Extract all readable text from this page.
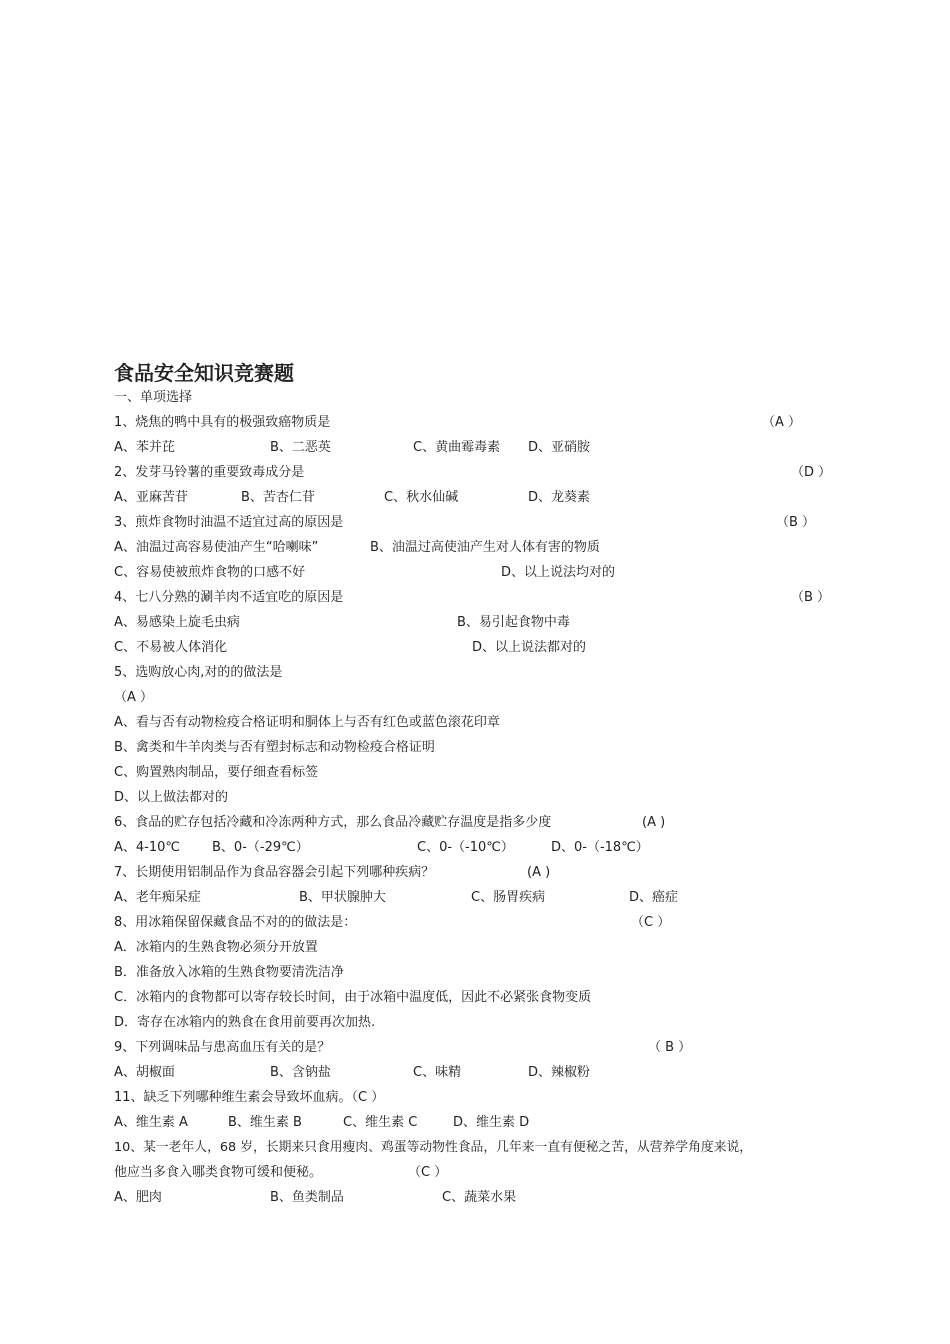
食品安全知识竞赛题
一、单项选择
1、烧焦的鸭中具有的极强致癌物质是	（A ）
A、苯并芘	B、二恶英	C、黄曲霉毒素 D、亚硝胺
2、发芽马铃薯的重要致毒成分是	（D ）
A、亚麻苦苷	B、苦杏仁苷	C、秋水仙碱	D、龙葵素
3、煎炸食物时油温不适宜过高的原因是	（B ）
A、油温过高容易使油产生“哈喇味”	B、油温过高使油产生对人体有害的物质
C、容易使被煎炸食物的口感不好	D、以上说法均对的
4、七八分熟的涮羊肉不适宜吃的原因是	（B ）
A、易感染上旋毛虫病	B、易引起食物中毒
C、不易被人体消化	D、以上说法都对的
5、选购放心肉,对的的做法是
（A ）
A、看与否有动物检疫合格证明和胴体上与否有红色或蓝色滚花印章
B、禽类和牛羊肉类与否有塑封标志和动物检疫合格证明
C、购置熟肉制品，要仔细查看标签
D、以上做法都对的
6、食品的贮存包括冷藏和冷冻两种方式，那么食品冷藏贮存温度是指多少度	(A )
A、4-10℃ B、0-（-29℃）	C、0-（-10℃）	D、0-（-18℃）
7、长期使用铝制品作为食品容器会引起下列哪种疾病？	(A )
A、老年痴呆症	B、甲状腺肿大	C、肠胃疾病	D、癌症
8、用冰箱保留保藏食品不对的的做法是：	（C ）
A．冰箱内的生熟食物必须分开放置
B．准备放入冰箱的生熟食物要清洗洁净
C．冰箱内的食物都可以寄存较长时间，由于冰箱中温度低，因此不必紧张食物变质
D．寄存在冰箱内的熟食在食用前要再次加热.
9、下列调味品与患高血压有关的是？	（ B ）
A、胡椒面	B、含钠盐	C、味精	D、辣椒粉
11、缺乏下列哪种维生素会导致坏血病。（C ）
A、维生素 A	B、维生素 B	C、维生素 C	D、维生素 D
10、某一老年人，68 岁，长期来只食用瘦肉、鸡蛋等动物性食品，几年来一直有便秘之苦，从营养学角度来说，
他应当多食入哪类食物可缓和便秘。	（C ）
A、肥肉	B、鱼类制品	C、蔬菜水果
